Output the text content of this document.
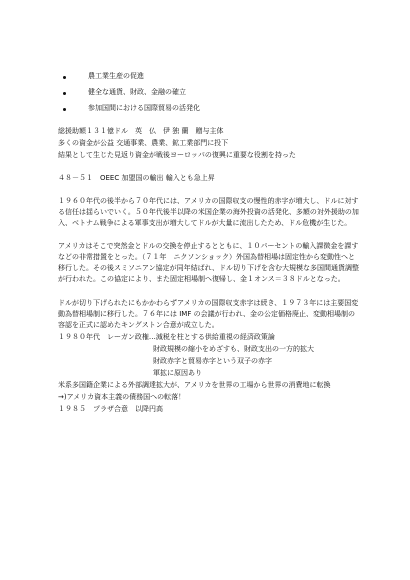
農工業生産の促進
健全な通貨、財政、金融の確立
参加国間における国際貿易の活発化
総援助額１３１億ドル　英　仏　伊 独 蘭　贈与主体
多くの資金が公益 交通事業、農業、鉱工業部門に投下
結果として生じた見返り資金が戦後ヨーロッパの復興に重要な役割を持った
４８－５１　OEEC 加盟国の輸出 輸入とも急上昇
１９６０年代の後半から７０年代には、アメリカの国際収支の慢性的赤字が増大し、ドルに対する信任は揺らいでいく。５０年代後半以降の米国企業の海外投資の活発化、多額の対外援助の加入、ベトナム戦争による軍事支出が増大してドルが大量に流出したため、ドル危機が生じた。
アメリカはそこで突然金とドルの交換を停止するとともに、１０パーセントの輸入課徴金を課すなどの非常措置をとった。（７１年　ニクソンショック）外国為替相場は固定性から変動性へと移行した。その後スミソニアン協定が同年結ばれ、ドル切り下げを含む大規模な多国間通貨調整が行われた。この協定により、また固定相場制へ復帰し、金１オンス＝３８ドルとなった。
ドルが切り下げられたにもかかわらずアメリカの国際収支赤字は続き、１９７３年には主要国変動為替相場制に移行した。７６年には IMF の会議が行われ、金の公定価格廃止、変動相場制の容認を正式に認めたキングストン合意が成立した。
１９８０年代　レーガン政権…減税を柱とする供給重視の経済政策論
財政規模の縮小をめざすも、財政支出の一方的拡大
財政赤字と貿易赤字という双子の赤字
軍拡に原因あり
米系多国籍企業による外部調達拡大が、アメリカを世界の工場から世界の消費地に転換
→)アメリカ資本主義の債務国への転落！
１９８５　プラザ合意　以降円高
